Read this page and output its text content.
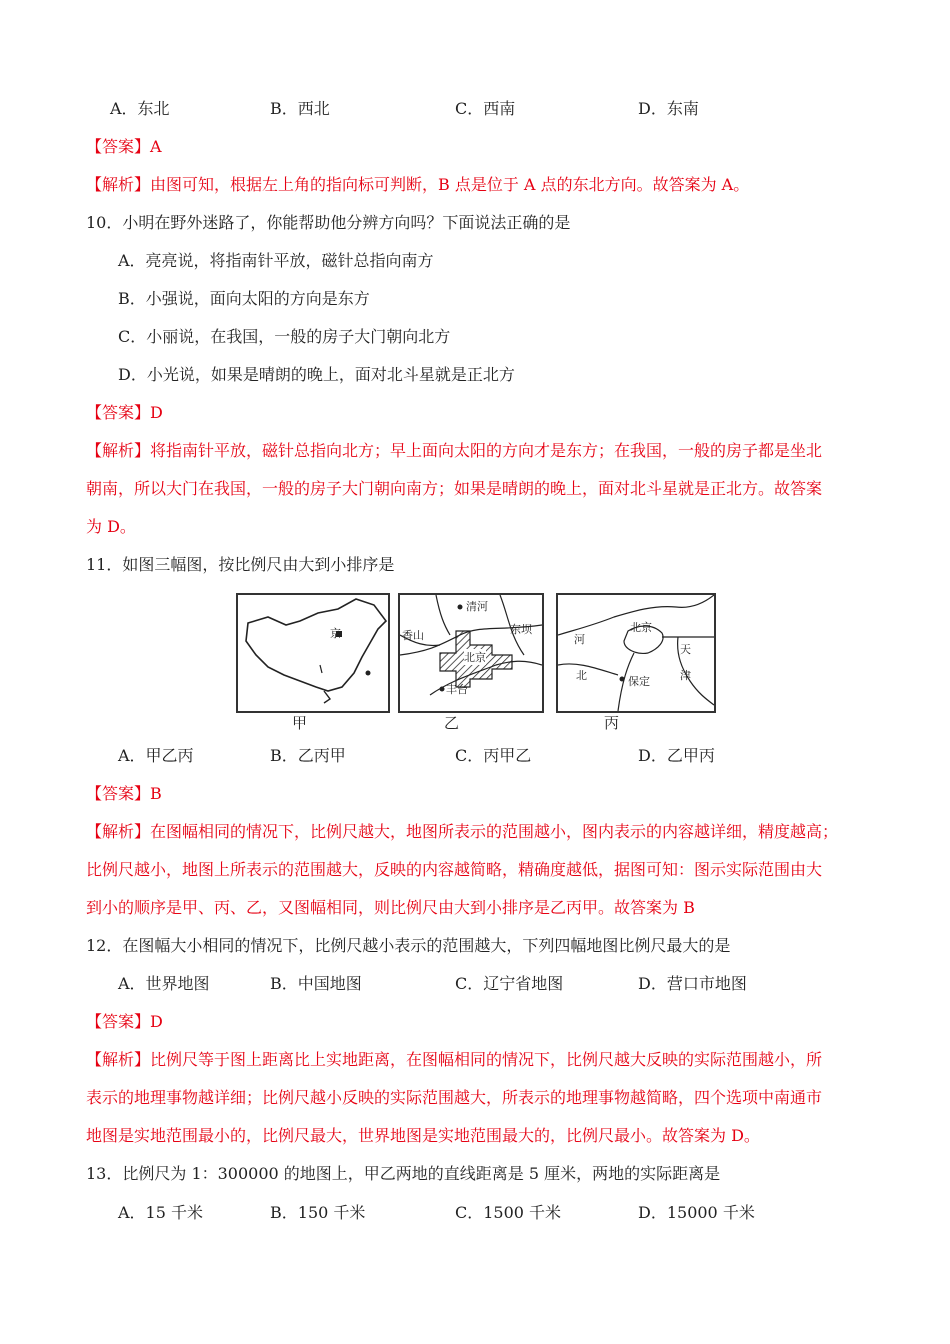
A．东北	B．西北	C．西南	D．东南
【答案】A
【解析】由图可知，根据左上角的指向标可判断，B 点是位于 A 点的东北方向。故答案为 A。
10．小明在野外迷路了，你能帮助他分辨方向吗？下面说法正确的是
A．亮亮说，将指南针平放，磁针总指向南方
B．小强说，面向太阳的方向是东方
C．小丽说，在我国，一般的房子大门朝向北方
D．小光说，如果是晴朗的晚上，面对北斗星就是正北方
【答案】D
【解析】将指南针平放，磁针总指向北方；早上面向太阳的方向才是东方；在我国，一般的房子都是坐北
朝南，所以大门在我国，一般的房子大门朝向南方；如果是晴朗的晚上，面对北斗星就是正北方。故答案
为 D。
11．如图三幅图，按比例尺由大到小排序是
京
甲
清河
香山	东坝
北京
丰台
乙
北京
河
天
北	保定	津
丙
A．甲乙丙	B．乙丙甲	C．丙甲乙	D．乙甲丙
【答案】B
【解析】在图幅相同的情况下，比例尺越大，地图所表示的范围越小，图内表示的内容越详细，精度越高；
比例尺越小，地图上所表示的范围越大，反映的内容越简略，精确度越低，据图可知：图示实际范围由大
到小的顺序是甲、丙、乙，又图幅相同，则比例尺由大到小排序是乙丙甲。故答案为 B
12．在图幅大小相同的情况下，比例尺越小表示的范围越大，下列四幅地图比例尺最大的是
A．世界地图	B．中国地图	C．辽宁省地图	D．营口市地图
【答案】D
【解析】比例尺等于图上距离比上实地距离，在图幅相同的情况下，比例尺越大反映的实际范围越小，所
表示的地理事物越详细；比例尺越小反映的实际范围越大，所表示的地理事物越简略，四个选项中南通市
地图是实地范围最小的，比例尺最大，世界地图是实地范围最大的，比例尺最小。故答案为 D。
13．比例尺为 1：300000 的地图上，甲乙两地的直线距离是 5 厘米，两地的实际距离是
A．15 千米	B．150 千米	C．1500 千米	D．15000 千米
